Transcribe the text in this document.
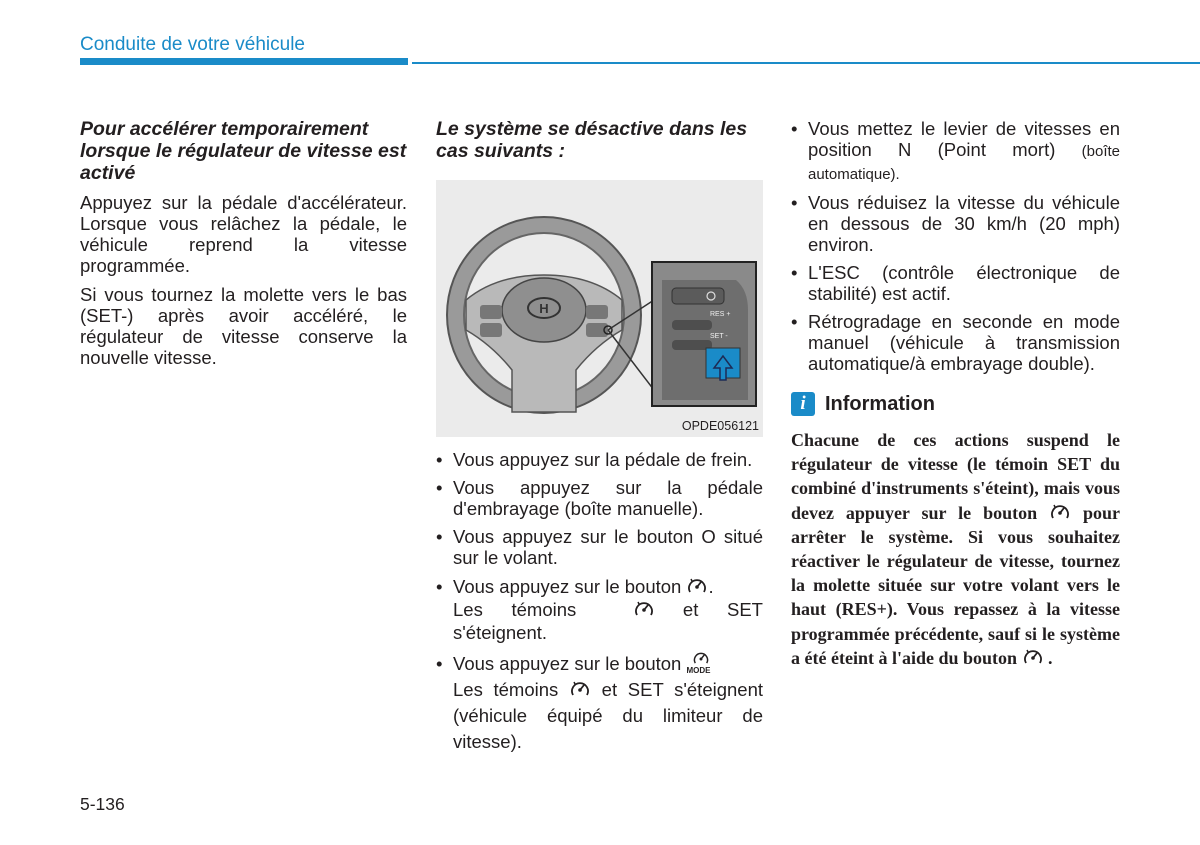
Conduite de votre véhicule

Pour accélérer temporairement lorsque le régulateur de vitesse est activé

Appuyez sur la pédale d'accélérateur. Lorsque vous relâchez la pédale, le véhicule reprend la vitesse programmée.

Si vous tournez la molette vers le bas (SET-) après avoir accéléré, le régulateur de vitesse conserve la nouvelle vitesse.

Le système se désactive dans les cas suivants :

H	RES +
SET -
OPDE056121
• Vous appuyez sur la pédale de frein.
• Vous appuyez sur la pédale d'embrayage (boîte manuelle).
• Vous appuyez sur le bouton O situé sur le volant.
• Vous appuyez sur le bouton .
Les témoins	et SET s'éteignent.
• Vous appuyez sur le bouton MODE

Les témoins et SET s'éteignent (véhicule équipé du limiteur de vitesse).
• Vous mettez le levier de vitesses en position N (Point mort) (boîte automatique).
• Vous réduisez la vitesse du véhicule en dessous de 30 km/h (20 mph) environ.
• L'ESC (contrôle électronique de stabilité) est actif.
• Rétrogradage en seconde en mode manuel (véhicule à transmission automatique/à embrayage double).
i Information
Chacune de ces actions suspend le régulateur de vitesse (le témoin SET du combiné d'instruments s'éteint), mais vous devez appuyer sur le bouton	pour arrêter le système. Si vous souhaitez réactiver le régulateur de vitesse, tournez la molette située sur votre volant vers le haut (RES+). Vous repassez à la vitesse programmée précédente, sauf si le système a été éteint à l'aide du bouton .
5-136
